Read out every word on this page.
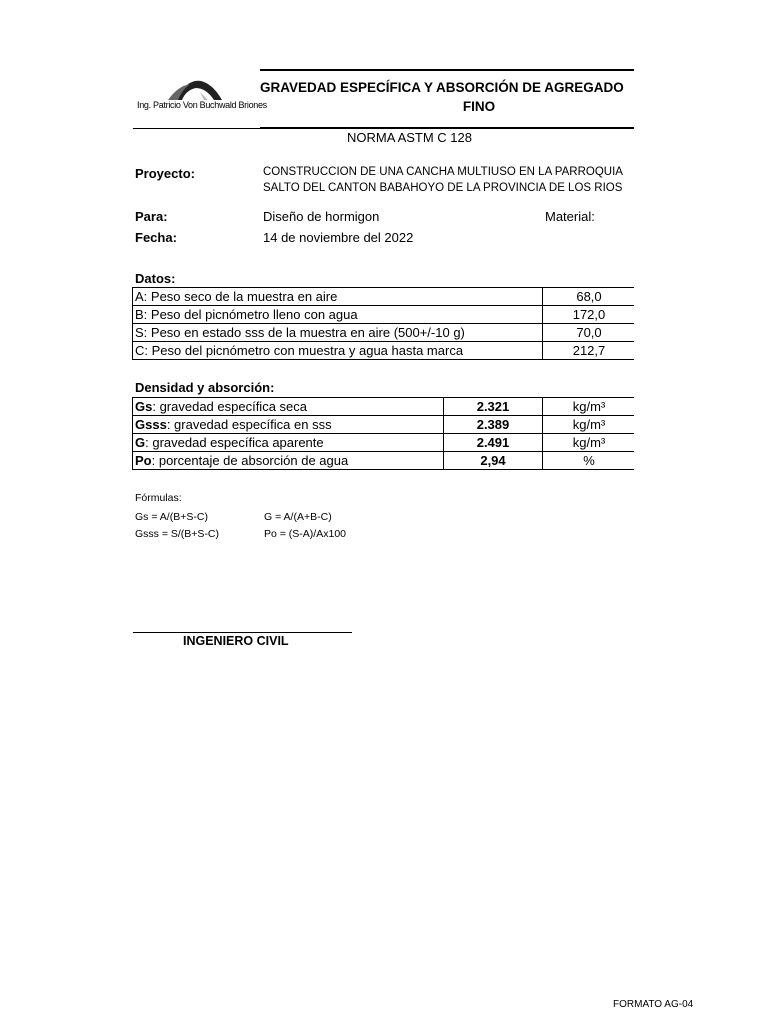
Ing. Patricio Von Buchwald Briones
GRAVEDAD ESPECÍFICA Y ABSORCIÓN DE AGREGADO
FINO
NORMA ASTM C 128
Proyecto:	CONSTRUCCION DE UNA CANCHA MULTIUSO EN LA PARROQUIA
SALTO DEL CANTON BABAHOYO DE LA PROVINCIA DE LOS RIOS
Para:	Diseño de hormigon	Material:
Fecha:	14 de noviembre del 2022
Datos:
A: Peso seco de la muestra en aire	68,0
B: Peso del picnómetro lleno con agua	172,0
S: Peso en estado sss de la muestra en aire (500+/-10 g)	70,0
C: Peso del picnómetro con muestra y agua hasta marca	212,7
Densidad y absorción:
Gs: gravedad específica seca	2.321	kg/m³
Gsss: gravedad específica en sss	2.389	kg/m³
G: gravedad específica aparente	2.491	kg/m³
Po: porcentaje de absorción de agua	2,94	%
Fórmulas:
Gs = A/(B+S-C)	G = A/(A+B-C)
Gsss = S/(B+S-C)	Po = (S-A)/Ax100
INGENIERO CIVIL
FORMATO AG-04
